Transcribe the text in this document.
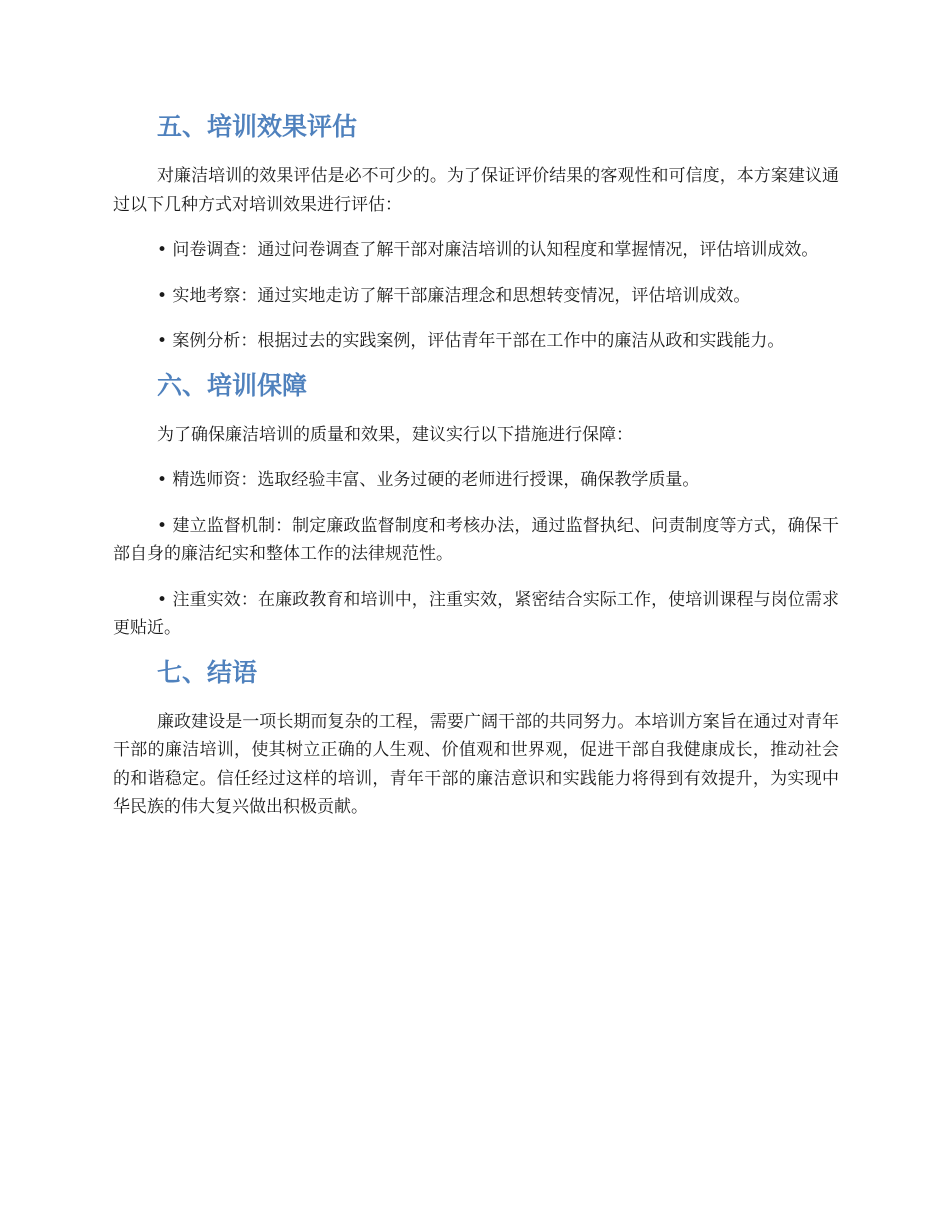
五、培训效果评估

对廉洁培训的效果评估是必不可少的。为了保证评价结果的客观性和可信度，本方案建议通过以下几种方式对培训效果进行评估：

• 问卷调查：通过问卷调查了解干部对廉洁培训的认知程度和掌握情况，评估培训成效。

• 实地考察：通过实地走访了解干部廉洁理念和思想转变情况，评估培训成效。

• 案例分析：根据过去的实践案例，评估青年干部在工作中的廉洁从政和实践能力。

六、培训保障

为了确保廉洁培训的质量和效果，建议实行以下措施进行保障：

• 精选师资：选取经验丰富、业务过硬的老师进行授课，确保教学质量。

• 建立监督机制：制定廉政监督制度和考核办法，通过监督执纪、问责制度等方式，确保干部自身的廉洁纪实和整体工作的法律规范性。

• 注重实效：在廉政教育和培训中，注重实效，紧密结合实际工作，使培训课程与岗位需求更贴近。

七、结语

廉政建设是一项长期而复杂的工程，需要广阔干部的共同努力。本培训方案旨在通过对青年干部的廉洁培训，使其树立正确的人生观、价值观和世界观，促进干部自我健康成长，推动社会的和谐稳定。信任经过这样的培训，青年干部的廉洁意识和实践能力将得到有效提升，为实现中华民族的伟大复兴做出积极贡献。
